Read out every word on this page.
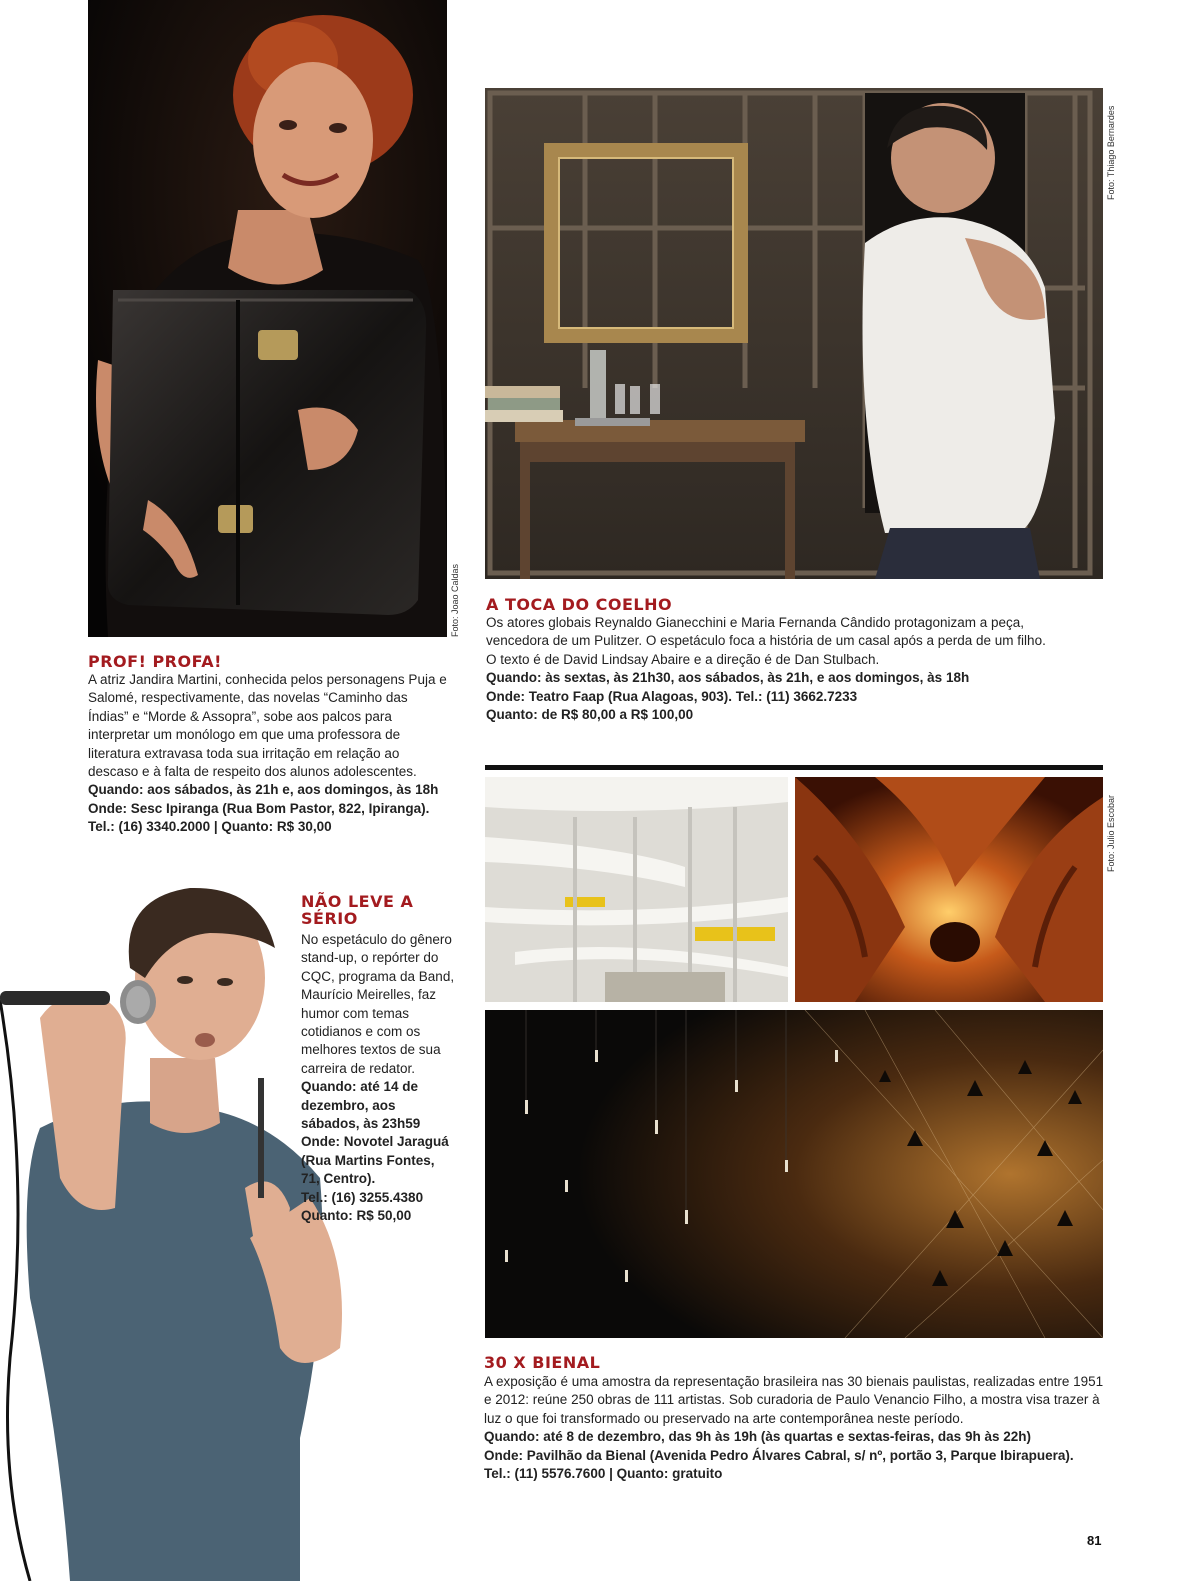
Foto: Joao Caldas
Foto: Thiago Bernardes
Foto: Julio Escobar
PROF! PROFA!

A atriz Jandira Martini, conhecida pelos personagens Puja e Salomé, respectivamente, das novelas “Caminho das Índias” e “Morde & Assopra”, sobe aos palcos para interpretar um monólogo em que uma professora de literatura extravasa toda sua irritação em relação ao descaso e à falta de respeito dos alunos adolescentes.

Quando: aos sábados, às 21h e, aos domingos, às 18h

Onde: Sesc Ipiranga (Rua Bom Pastor, 822, Ipiranga).

Tel.: (16) 3340.2000 | Quanto: R$ 30,00

A TOCA DO COELHO

Os atores globais Reynaldo Gianecchini e Maria Fernanda Cândido protagonizam a peça, vencedora de um Pulitzer. O espetáculo foca a história de um casal após a perda de um filho. O texto é de David Lindsay Abaire e a direção é de Dan Stulbach.

Quando: às sextas, às 21h30, aos sábados, às 21h, e aos domingos, às 18h

Onde: Teatro Faap (Rua Alagoas, 903). Tel.: (11) 3662.7233

Quanto: de R$ 80,00 a R$ 100,00

NÃO LEVE A SÉRIO

No espetáculo do gênero stand-up, o repórter do CQC, programa da Band, Maurício Meirelles, faz humor com temas cotidianos e com os melhores textos de sua carreira de redator.

Quando: até 14 de dezembro, aos sábados, às 23h59

Onde: Novotel Jaraguá (Rua Martins Fontes, 71, Centro).

Tel.: (16) 3255.4380

Quanto: R$ 50,00

30 X BIENAL

A exposição é uma amostra da representação brasileira nas 30 bienais paulistas, realizadas entre 1951 e 2012: reúne 250 obras de 111 artistas. Sob curadoria de Paulo Venancio Filho, a mostra visa trazer à luz o que foi transformado ou preservado na arte contemporânea neste período.

Quando: até 8 de dezembro, das 9h às 19h (às quartas e sextas-feiras, das 9h às 22h)

Onde: Pavilhão da Bienal (Avenida Pedro Álvares Cabral, s/ nº, portão 3, Parque Ibirapuera).

Tel.: (11) 5576.7600 | Quanto: gratuito

81
